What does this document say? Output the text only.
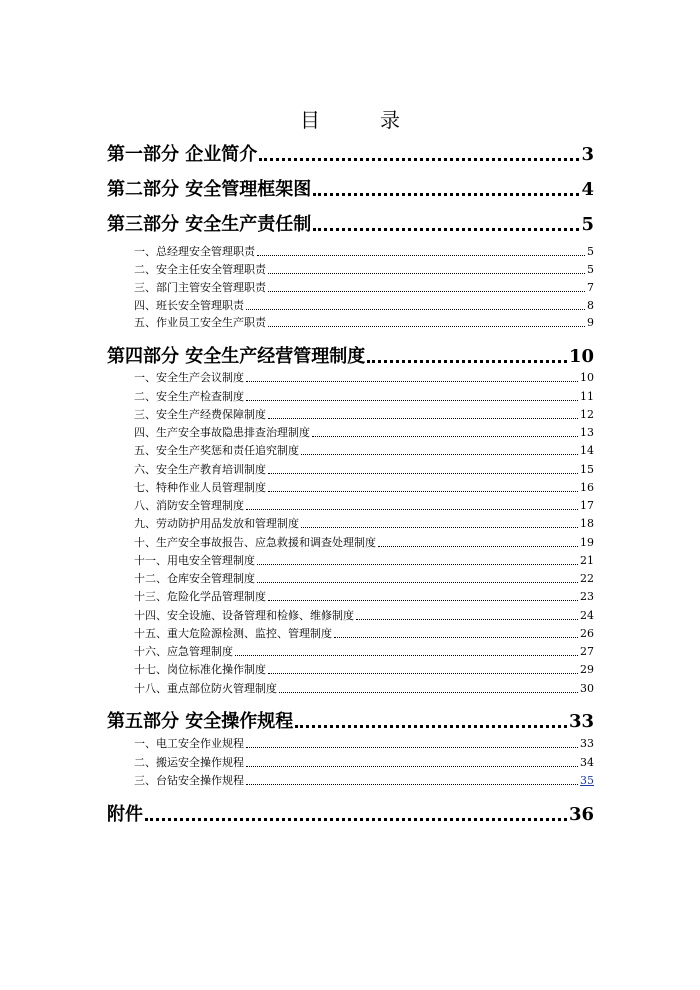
目	录
第一部分 企业简介	3
第二部分 安全管理框架图	4
第三部分 安全生产责任制	5
一、总经理安全管理职责	5
二、安全主任安全管理职责	5
三、部门主管安全管理职责	7
四、班长安全管理职责	8
五、作业员工安全生产职责	9
第四部分 安全生产经营管理制度	10
一、安全生产会议制度	10
二、安全生产检查制度	11
三、安全生产经费保障制度	12
四、生产安全事故隐患排查治理制度	13
五、安全生产奖惩和责任追究制度	14
六、安全生产教育培训制度	15
七、特种作业人员管理制度	16
八、消防安全管理制度	17
九、劳动防护用品发放和管理制度	18
十、生产安全事故报告、应急救援和调查处理制度	19
十一、用电安全管理制度	21
十二、仓库安全管理制度	22
十三、危险化学品管理制度	23
十四、安全设施、设备管理和检修、维修制度	24
十五、重大危险源检测、监控、管理制度	26
十六、应急管理制度	27
十七、岗位标准化操作制度	29
十八、重点部位防火管理制度	30
第五部分 安全操作规程	33
一、电工安全作业规程	33
二、搬运安全操作规程	34
三、台钻安全操作规程	35
附件	36
